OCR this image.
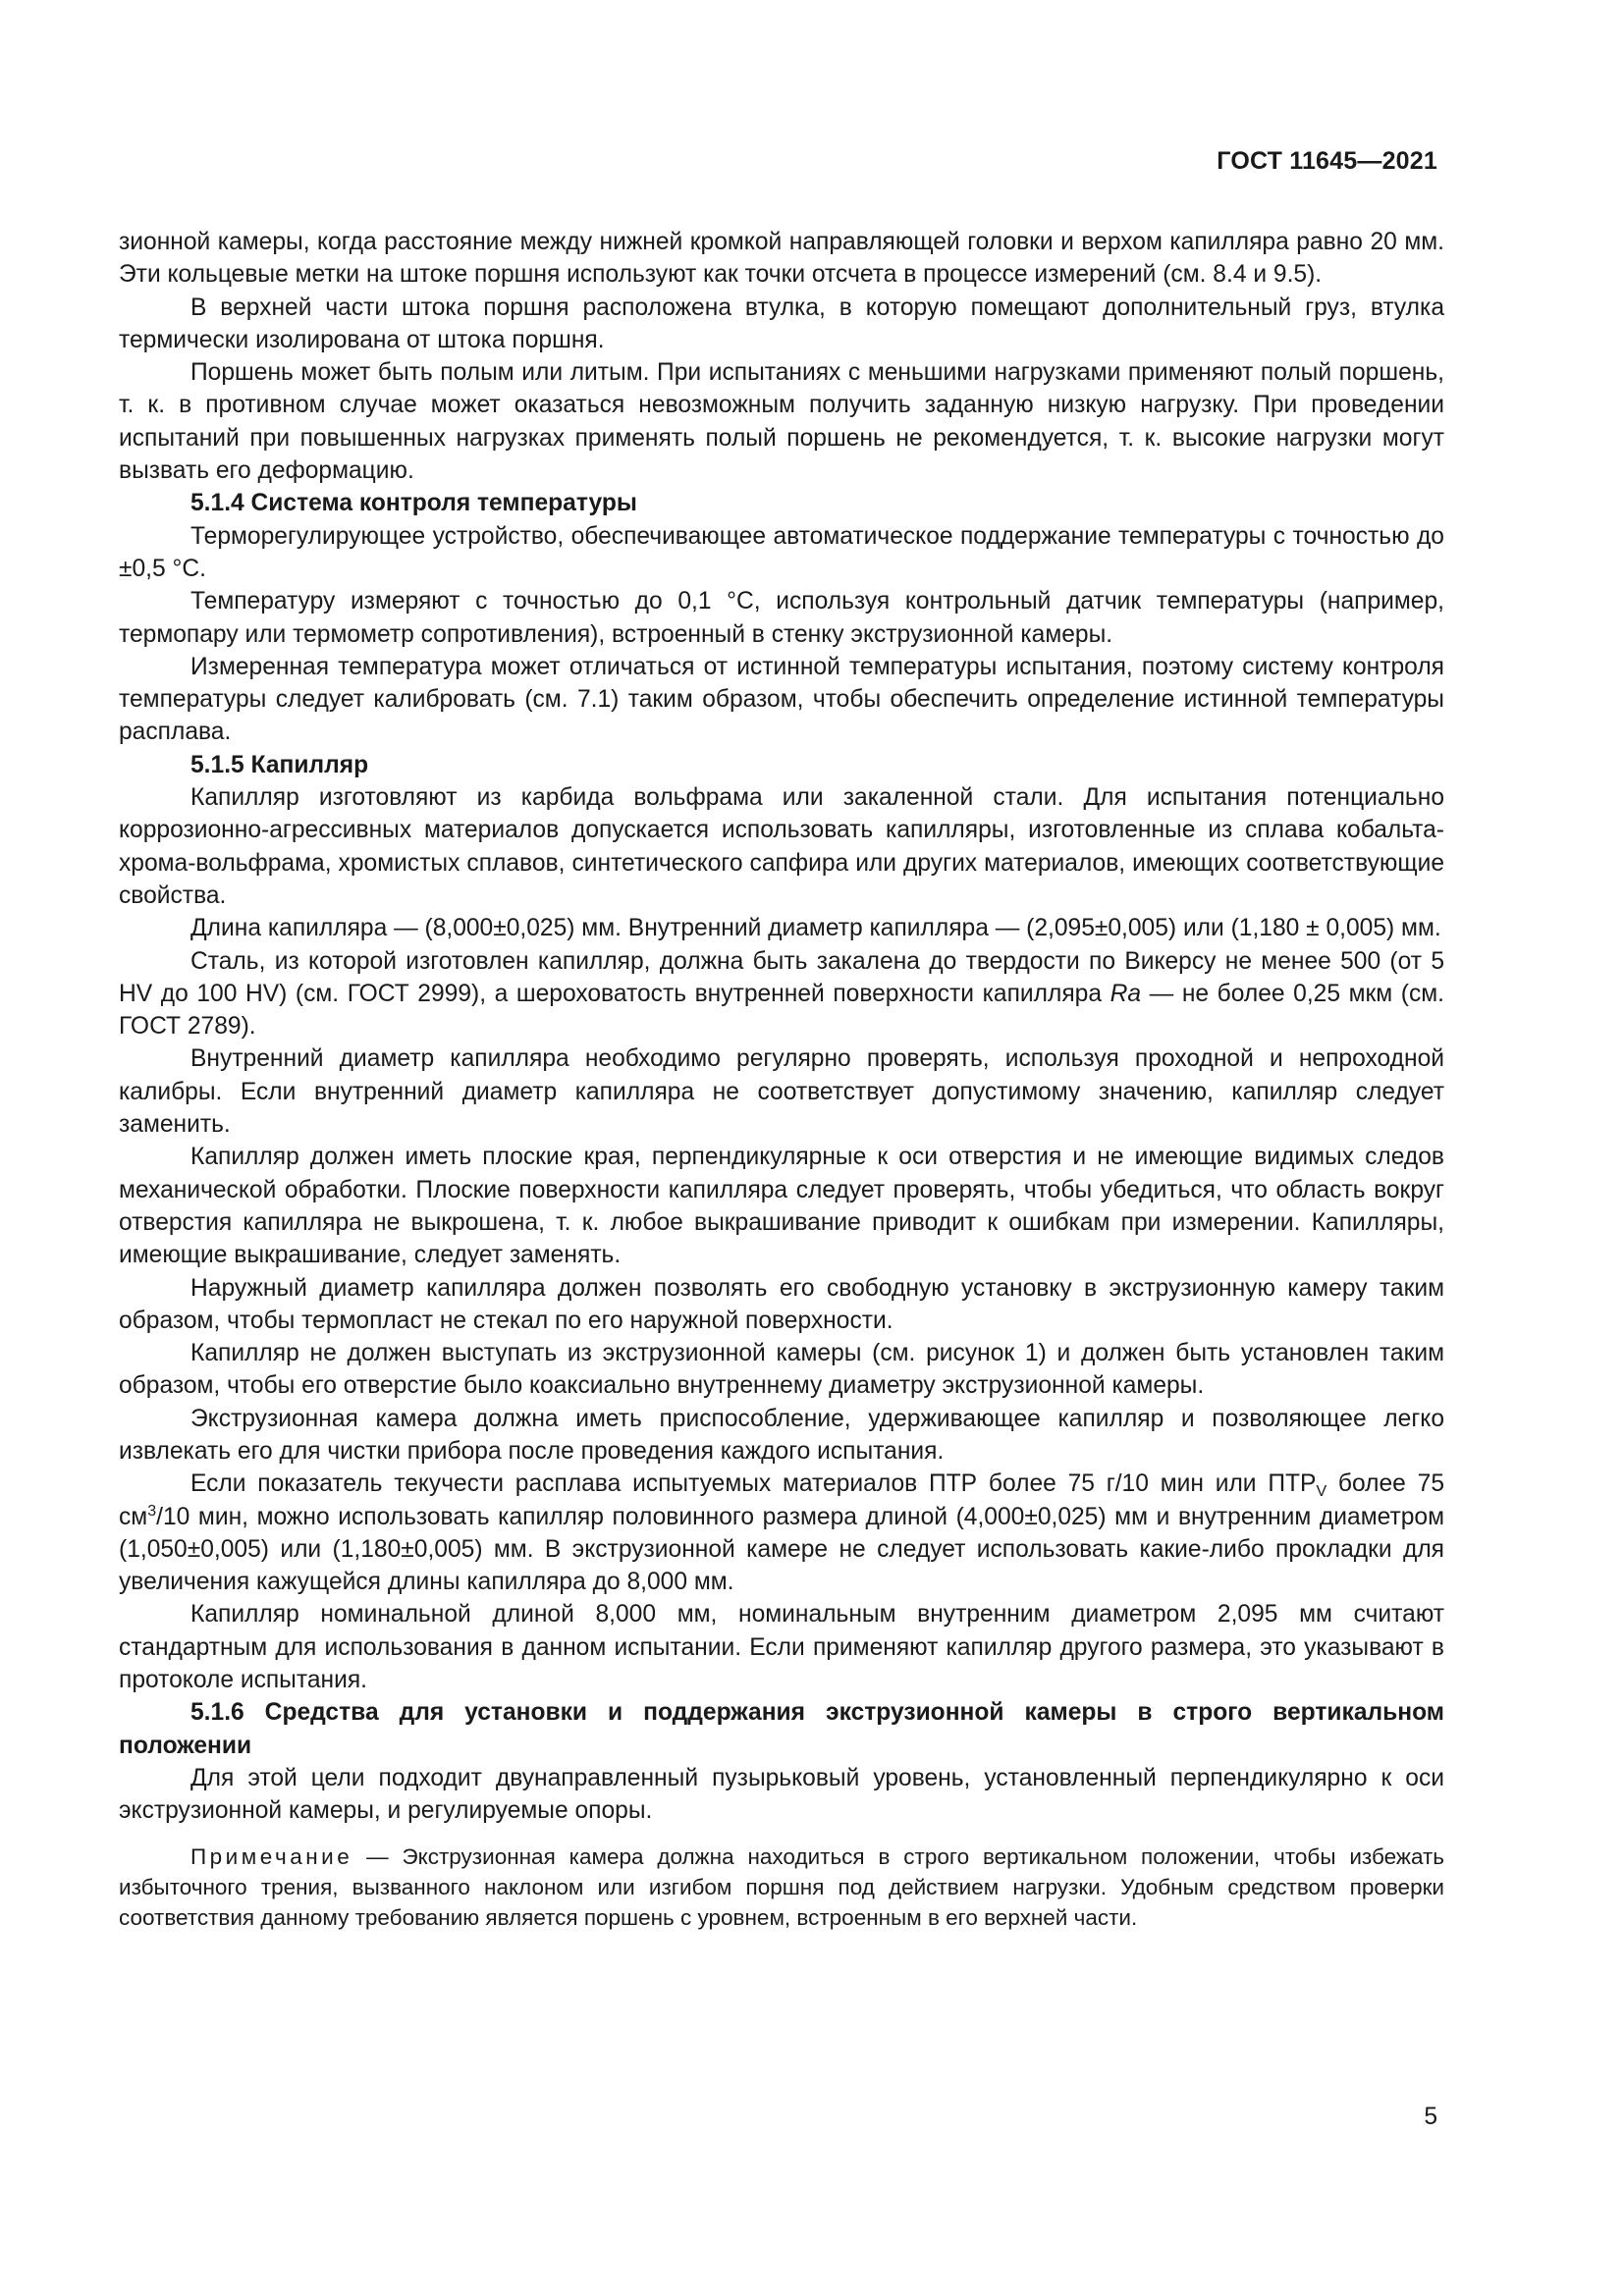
ГОСТ 11645—2021

зионной камеры, когда расстояние между нижней кромкой направляющей головки и верхом капилляра равно 20 мм. Эти кольцевые метки на штоке поршня используют как точки отсчета в процессе измерений (см. 8.4 и 9.5).

В верхней части штока поршня расположена втулка, в которую помещают дополнительный груз, втулка термически изолирована от штока поршня.

Поршень может быть полым или литым. При испытаниях с меньшими нагрузками применяют полый поршень, т. к. в противном случае может оказаться невозможным получить заданную низкую нагрузку. При проведении испытаний при повышенных нагрузках применять полый поршень не рекомендуется, т. к. высокие нагрузки могут вызвать его деформацию.

5.1.4 Система контроля температуры

Терморегулирующее устройство, обеспечивающее автоматическое поддержание температуры с точностью до ±0,5 °С.

Температуру измеряют с точностью до 0,1 °С, используя контрольный датчик температуры (например, термопару или термометр сопротивления), встроенный в стенку экструзионной камеры.

Измеренная температура может отличаться от истинной температуры испытания, поэтому систему контроля температуры следует калибровать (см. 7.1) таким образом, чтобы обеспечить определение истинной температуры расплава.

5.1.5 Капилляр

Капилляр изготовляют из карбида вольфрама или закаленной стали. Для испытания потенциально коррозионно-агрессивных материалов допускается использовать капилляры, изготовленные из сплава кобальта-хрома-вольфрама, хромистых сплавов, синтетического сапфира или других материалов, имеющих соответствующие свойства.

Длина капилляра — (8,000±0,025) мм. Внутренний диаметр капилляра — (2,095±0,005) или (1,180 ± 0,005) мм.

Сталь, из которой изготовлен капилляр, должна быть закалена до твердости по Викерсу не менее 500 (от 5 HV до 100 HV) (см. ГОСТ 2999), а шероховатость внутренней поверхности капилляра Ra — не более 0,25 мкм (см. ГОСТ 2789).

Внутренний диаметр капилляра необходимо регулярно проверять, используя проходной и непроходной калибры. Если внутренний диаметр капилляра не соответствует допустимому значению, капилляр следует заменить.

Капилляр должен иметь плоские края, перпендикулярные к оси отверстия и не имеющие видимых следов механической обработки. Плоские поверхности капилляра следует проверять, чтобы убедиться, что область вокруг отверстия капилляра не выкрошена, т. к. любое выкрашивание приводит к ошибкам при измерении. Капилляры, имеющие выкрашивание, следует заменять.

Наружный диаметр капилляра должен позволять его свободную установку в экструзионную камеру таким образом, чтобы термопласт не стекал по его наружной поверхности.

Капилляр не должен выступать из экструзионной камеры (см. рисунок 1) и должен быть установлен таким образом, чтобы его отверстие было коаксиально внутреннему диаметру экструзионной камеры.

Экструзионная камера должна иметь приспособление, удерживающее капилляр и позволяющее легко извлекать его для чистки прибора после проведения каждого испытания.

Если показатель текучести расплава испытуемых материалов ПТР более 75 г/10 мин или $ПТР_V$ более 75 $см^3/10$ мин, можно использовать капилляр половинного размера длиной (4,000±0,025) мм и внутренним диаметром (1,050±0,005) или (1,180±0,005) мм. В экструзионной камере не следует использовать какие-либо прокладки для увеличения кажущейся длины капилляра до 8,000 мм.

Капилляр номинальной длиной 8,000 мм, номинальным внутренним диаметром 2,095 мм считают стандартным для использования в данном испытании. Если применяют капилляр другого размера, это указывают в протоколе испытания.

5.1.6 Средства для установки и поддержания экструзионной камеры в строго вертикальном положении

Для этой цели подходит двунаправленный пузырьковый уровень, установленный перпендикулярно к оси экструзионной камеры, и регулируемые опоры.

Примечание — Экструзионная камера должна находиться в строго вертикальном положении, чтобы избежать избыточного трения, вызванного наклоном или изгибом поршня под действием нагрузки. Удобным средством проверки соответствия данному требованию является поршень с уровнем, встроенным в его верхней части.

5
